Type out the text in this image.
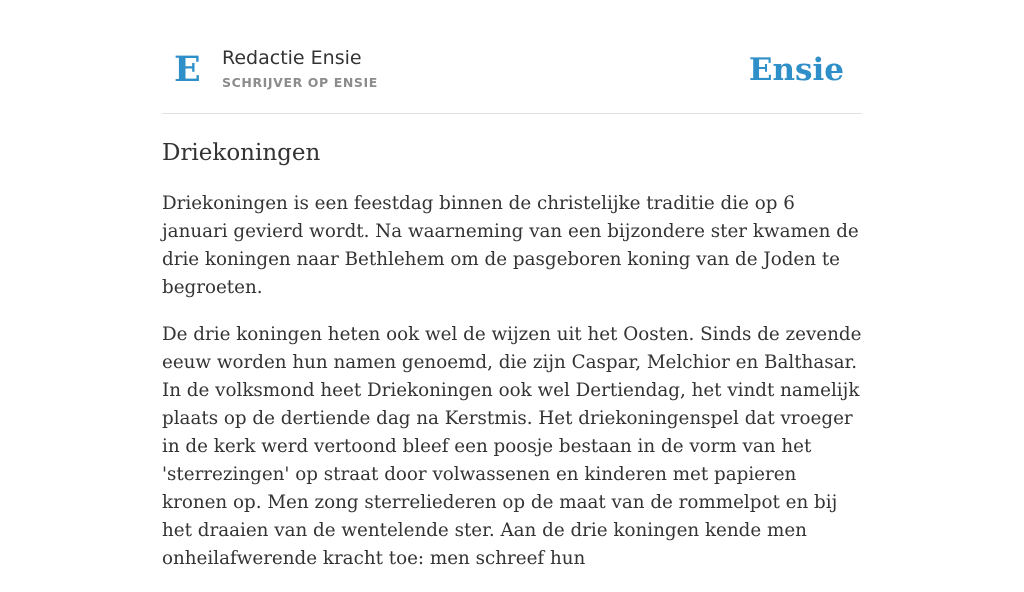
E Redactie Ensie
SCHRIJVER OP ENSIE	Ensie
Driekoningen

Driekoningen is een feestdag binnen de christelijke traditie die op 6 januari gevierd wordt. Na waarneming van een bijzondere ster kwamen de drie koningen naar Bethlehem om de pasgeboren koning van de Joden te begroeten.

De drie koningen heten ook wel de wijzen uit het Oosten. Sinds de zevende eeuw worden hun namen genoemd, die zijn Caspar, Melchior en Balthasar. In de volksmond heet Driekoningen ook wel Dertiendag, het vindt namelijk plaats op de dertiende dag na Kerstmis. Het driekoningenspel dat vroeger in de kerk werd vertoond bleef een poosje bestaan in de vorm van het 'sterrezingen' op straat door volwassenen en kinderen met papieren kronen op. Men zong sterreliederen op de maat van de rommelpot en bij het draaien van de wentelende ster. Aan de drie koningen kende men onheilafwerende kracht toe: men schreef hun
